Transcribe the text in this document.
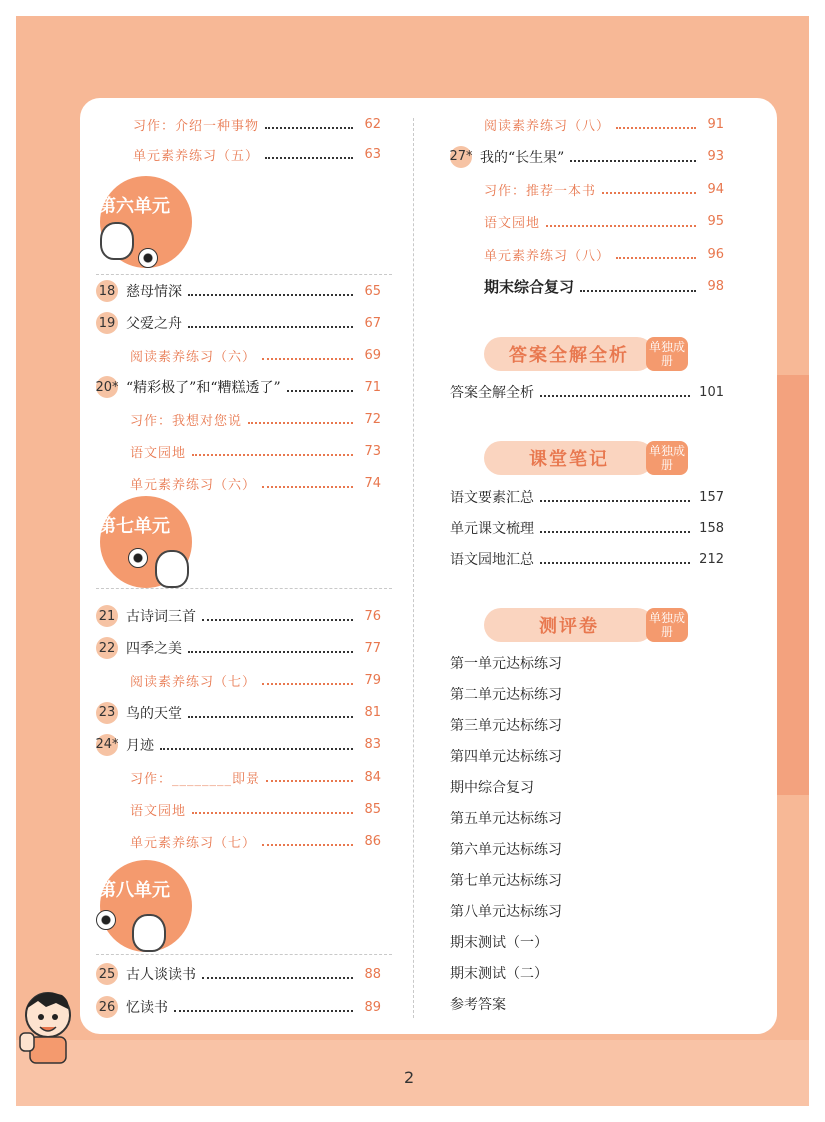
习作：介绍一种事物	62
单元素养练习（五）	63
第六单元
18 慈母情深	65
19 父爱之舟	67
阅读素养练习（六）	69
20* “精彩极了”和“糟糕透了”	71
习作：我想对您说	72
语文园地	73
单元素养练习（六）	74
第七单元
21 古诗词三首	76
22 四季之美	77
阅读素养练习（七）	79
23 鸟的天堂	81
24* 月迹	83
习作：________即景	84
语文园地	85
单元素养练习（七）	86
第八单元
25 古人谈读书	88
26 忆读书	89
阅读素养练习（八）	91
27* 我的“长生果”	93
习作：推荐一本书	94
语文园地	95
单元素养练习（八）	96
期末综合复习	98
答案全解全析	单独成册
答案全解全析	101
课堂笔记	单独成册
语文要素汇总	157
单元课文梳理	158
语文园地汇总	212
测评卷	单独成册
第一单元达标练习
第二单元达标练习
第三单元达标练习
第四单元达标练习
期中综合复习
第五单元达标练习
第六单元达标练习
第七单元达标练习
第八单元达标练习
期末测试（一）
期末测试（二）
参考答案
2
